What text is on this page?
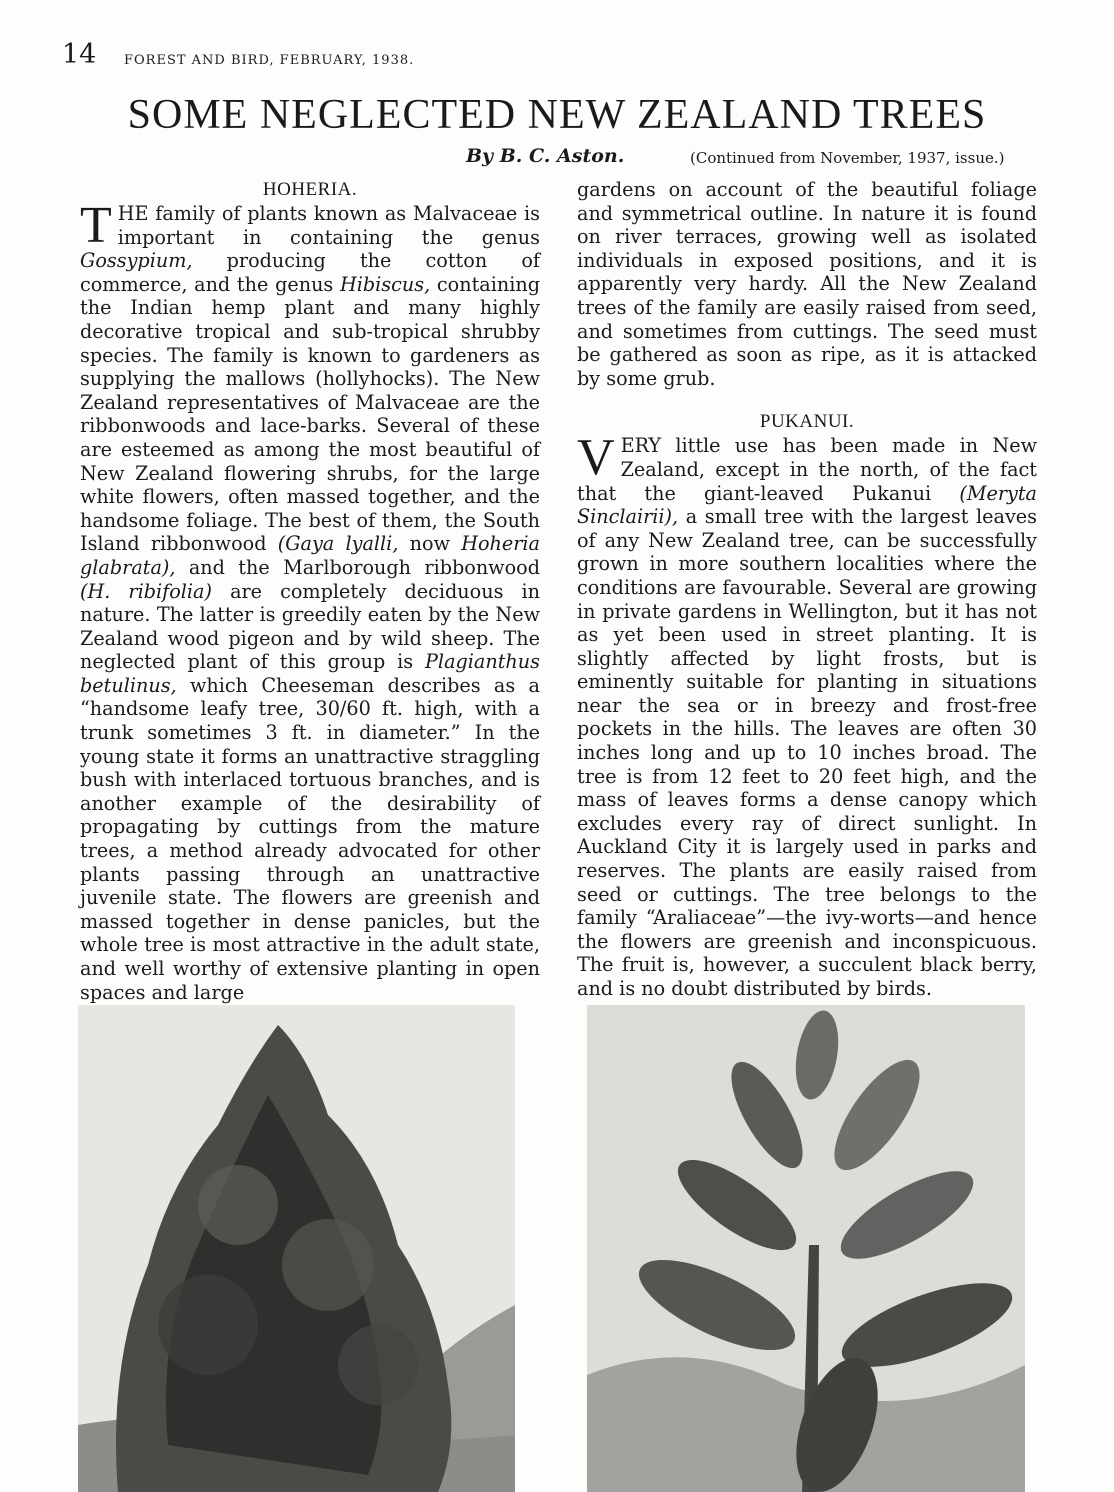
14 FOREST AND BIRD, FEBRUARY, 1938.
SOME NEGLECTED NEW ZEALAND TREES
By B. C. Aston.	(Continued from November, 1937, issue.)
HOHERIA.

THE family of plants known as Malvaceae is important in containing the genus Gossypium, producing the cotton of commerce, and the genus Hibiscus, containing the Indian hemp plant and many highly decorative tropical and sub-tropical shrubby species. The family is known to gardeners as supplying the mallows (hollyhocks). The New Zealand representatives of Malvaceae are the ribbonwoods and lace-barks. Several of these are esteemed as among the most beautiful of New Zealand flowering shrubs, for the large white flowers, often massed together, and the handsome foliage. The best of them, the South Island ribbonwood (Gaya lyalli, now Hoheria glabrata), and the Marlborough ribbonwood (H. ribifolia) are completely deciduous in nature. The latter is greedily eaten by the New Zealand wood pigeon and by wild sheep. The neglected plant of this group is Plagianthus betulinus, which Cheeseman describes as a “handsome leafy tree, 30/60 ft. high, with a trunk sometimes 3 ft. in diameter.” In the young state it forms an unattractive straggling bush with interlaced tortuous branches, and is another example of the desirability of propagating by cuttings from the mature trees, a method already advocated for other plants passing through an unattractive juvenile state. The flowers are greenish and massed together in dense panicles, but the whole tree is most attractive in the adult state, and well worthy of extensive planting in open spaces and large

gardens on account of the beautiful foliage and symmetrical outline. In nature it is found on river terraces, growing well as isolated individuals in exposed positions, and it is apparently very hardy. All the New Zealand trees of the family are easily raised from seed, and sometimes from cuttings. The seed must be gathered as soon as ripe, as it is attacked by some grub.

PUKANUI.

VERY little use has been made in New Zealand, except in the north, of the fact that the giant-leaved Pukanui (Meryta Sinclairii), a small tree with the largest leaves of any New Zealand tree, can be successfully grown in more southern localities where the conditions are favourable. Several are growing in private gardens in Wellington, but it has not as yet been used in street planting. It is slightly affected by light frosts, but is eminently suitable for planting in situations near the sea or in breezy and frost-free pockets in the hills. The leaves are often 30 inches long and up to 10 inches broad. The tree is from 12 feet to 20 feet high, and the mass of leaves forms a dense canopy which excludes every ray of direct sunlight. In Auckland City it is largely used in parks and reserves. The plants are easily raised from seed or cuttings. The tree belongs to the family “Araliaceae”—the ivy-worts—and hence the flowers are greenish and inconspicuous. The fruit is, however, a succulent black berry, and is no doubt distributed by birds.
